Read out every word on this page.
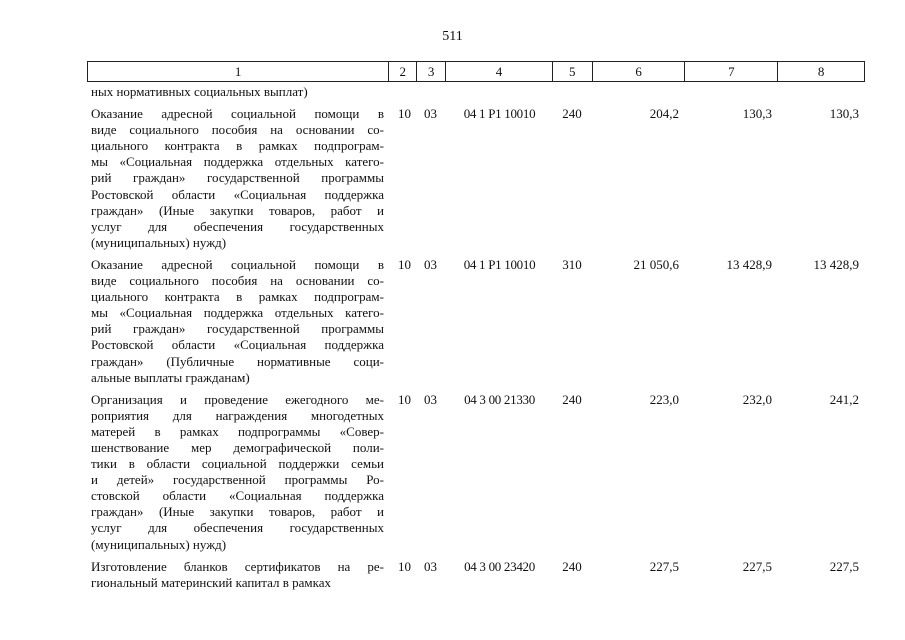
511
1	2	3	4	5	6	7	8
ных нормативных социальных выплат)
Оказание адресной социальной помощи в
виде социального пособия на основании со-
циального контракта в рамках подпрограм-
мы «Социальная поддержка отдельных катего-
рий граждан» государственной программы
Ростовской области «Социальная поддержка
граждан» (Иные закупки товаров, работ и
услуг для обеспечения государственных
(муниципальных) нужд)
10	03	04 1 P1 10010	240	204,2	130,3	130,3
Оказание адресной социальной помощи в
виде социального пособия на основании со-
циального контракта в рамках подпрограм-
мы «Социальная поддержка отдельных катего-
рий граждан» государственной программы
Ростовской области «Социальная поддержка
граждан» (Публичные нормативные соци-
альные выплаты гражданам)
10	03	04 1 P1 10010	310	21 050,6	13 428,9	13 428,9
Организация и проведение ежегодного ме-
роприятия для награждения многодетных
матерей в рамках подпрограммы «Совер-
шенствование мер демографической поли-
тики в области социальной поддержки семьи
и детей» государственной программы Ро-
стовской области «Социальная поддержка
граждан» (Иные закупки товаров, работ и
услуг для обеспечения государственных
(муниципальных) нужд)
10	03	04 3 00 21330	240	223,0	232,0	241,2
Изготовление бланков сертификатов на ре-
гиональный материнский капитал в рамках
10	03	04 3 00 23420	240	227,5	227,5	227,5
